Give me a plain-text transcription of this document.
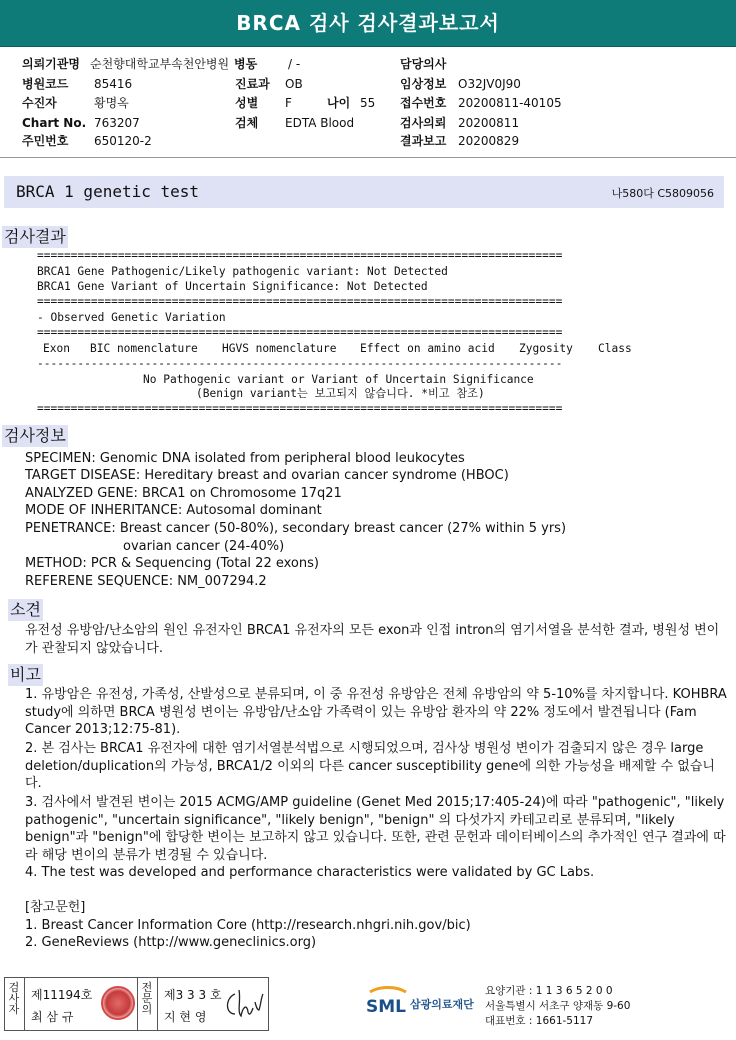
BRCA 검사 검사결과보고서
의뢰기관명 순천향대학교부속천안병원 병동	/ -	담당의사
병원코드 85416	진료과 OB	임상정보 O32JV0J90
수진자	황명옥	성별 F	나이 55 접수번호 20200811-40105
Chart No. 763207	검체 EDTA Blood	검사의뢰 20200811
주민번호 650120-2	결과보고 20200829
BRCA 1 genetic test	나580다 C5809056
검사결과
==============================================================================
BRCA1 Gene Pathogenic/Likely pathogenic variant: Not Detected
BRCA1 Gene Variant of Uncertain Significance: Not Detected
==============================================================================
- Observed Genetic Variation
==============================================================================
Exon BIC nomenclature HGVS nomenclature Effect on amino acid Zygosity Class
------------------------------------------------------------------------------
No Pathogenic variant or Variant of Uncertain Significance
(Benign variant는 보고되지 않습니다. *비고 참조)
==============================================================================
검사정보
SPECIMEN: Genomic DNA isolated from peripheral blood leukocytes
TARGET DISEASE: Hereditary breast and ovarian cancer syndrome (HBOC)
ANALYZED GENE: BRCA1 on Chromosome 17q21
MODE OF INHERITANCE: Autosomal dominant
PENETRANCE: Breast cancer (50-80%), secondary breast cancer (27% within 5 yrs)
ovarian cancer (24-40%)
METHOD: PCR & Sequencing (Total 22 exons)
REFERENE SEQUENCE: NM_007294.2
소견
유전성 유방암/난소암의 원인 유전자인 BRCA1 유전자의 모든 exon과 인접 intron의 염기서열을 분석한 결과, 병원성 변이가 관찰되지 않았습니다.
비고
1. 유방암은 유전성, 가족성, 산발성으로 분류되며, 이 중 유전성 유방암은 전체 유방암의 약 5-10%를 차지합니다. KOHBRA study에 의하면 BRCA 병원성 변이는 유방암/난소암 가족력이 있는 유방암 환자의 약 22% 정도에서 발견됩니다 (Fam Cancer 2013;12:75-81).
2. 본 검사는 BRCA1 유전자에 대한 염기서열분석법으로 시행되었으며, 검사상 병원성 변이가 검출되지 않은 경우 large deletion/duplication의 가능성, BRCA1/2 이외의 다른 cancer susceptibility gene에 의한 가능성을 배제할 수 없습니다.
3. 검사에서 발견된 변이는 2015 ACMG/AMP guideline (Genet Med 2015;17:405-24)에 따라 "pathogenic", "likely pathogenic", "uncertain significance", "likely benign", "benign" 의 다섯가지 카테고리로 분류되며, "likely benign"과 "benign"에 합당한 변이는 보고하지 않고 있습니다. 또한, 관련 문헌과 데이터베이스의 추가적인 연구 결과에 따라 해당 변이의 분류가 변경될 수 있습니다.
4. The test was developed and performance characteristics were validated by GC Labs.
[참고문헌]
1. Breast Cancer Information Core (http://research.nhgri.nih.gov/bic)
2. GeneReviews (http://www.geneclinics.org)
검사자
제11194호
최 삼 규
전문의
제3 3 3 호
지 현 영	SML 삼광의료재단
요양기관 : 1 1 3 6 5 2 0 0
서울특별시 서초구 양재동 9-60
대표번호 : 1661-5117
